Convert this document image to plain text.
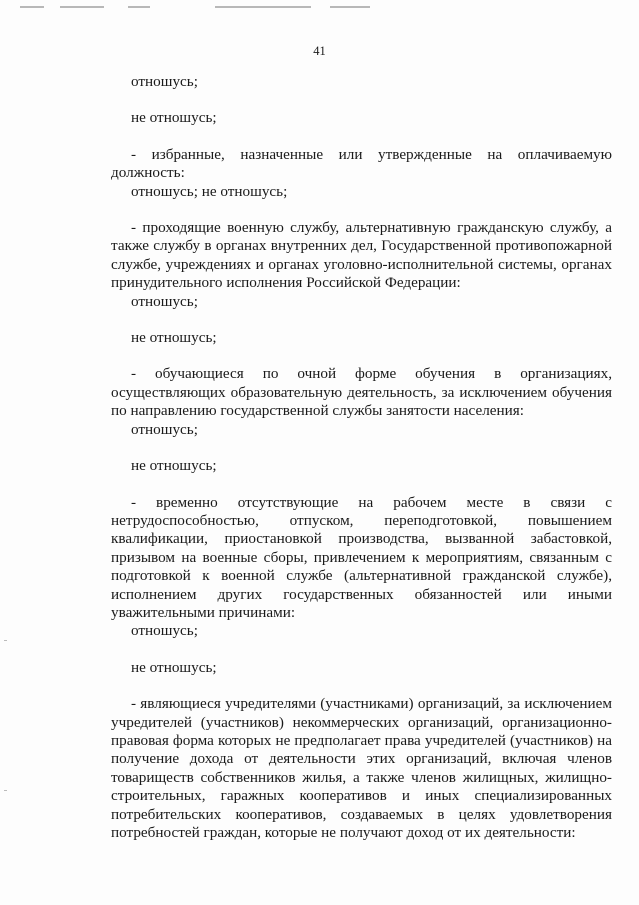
41

отношусь;

не отношусь;

- избранные, назначенные или утвержденные на оплачиваемую должность:

отношусь; не отношусь;

- проходящие военную службу, альтернативную гражданскую службу, а также службу в органах внутренних дел, Государственной противопожарной службе, учреждениях и органах уголовно-исполнительной системы, органах принудительного исполнения Российской Федерации:

отношусь;

не отношусь;

- обучающиеся по очной форме обучения в организациях, осуществляющих образовательную деятельность, за исключением обучения по направлению государственной службы занятости населения:

отношусь;

не отношусь;

- временно отсутствующие на рабочем месте в связи с нетрудоспособностью, отпуском, переподготовкой, повышением квалификации, приостановкой производства, вызванной забастовкой, призывом на военные сборы, привлечением к мероприятиям, связанным с подготовкой к военной службе (альтернативной гражданской службе), исполнением других государственных обязанностей или иными уважительными причинами:

отношусь;

не отношусь;

- являющиеся учредителями (участниками) организаций, за исключением учредителей (участников) некоммерческих организаций, организационно-правовая форма которых не предполагает права учредителей (участников) на получение дохода от деятельности этих организаций, включая членов товариществ собственников жилья, а также членов жилищных, жилищно-строительных, гаражных кооперативов и иных специализированных потребительских кооперативов, создаваемых в целях удовлетворения потребностей граждан, которые не получают доход от их деятельности:
